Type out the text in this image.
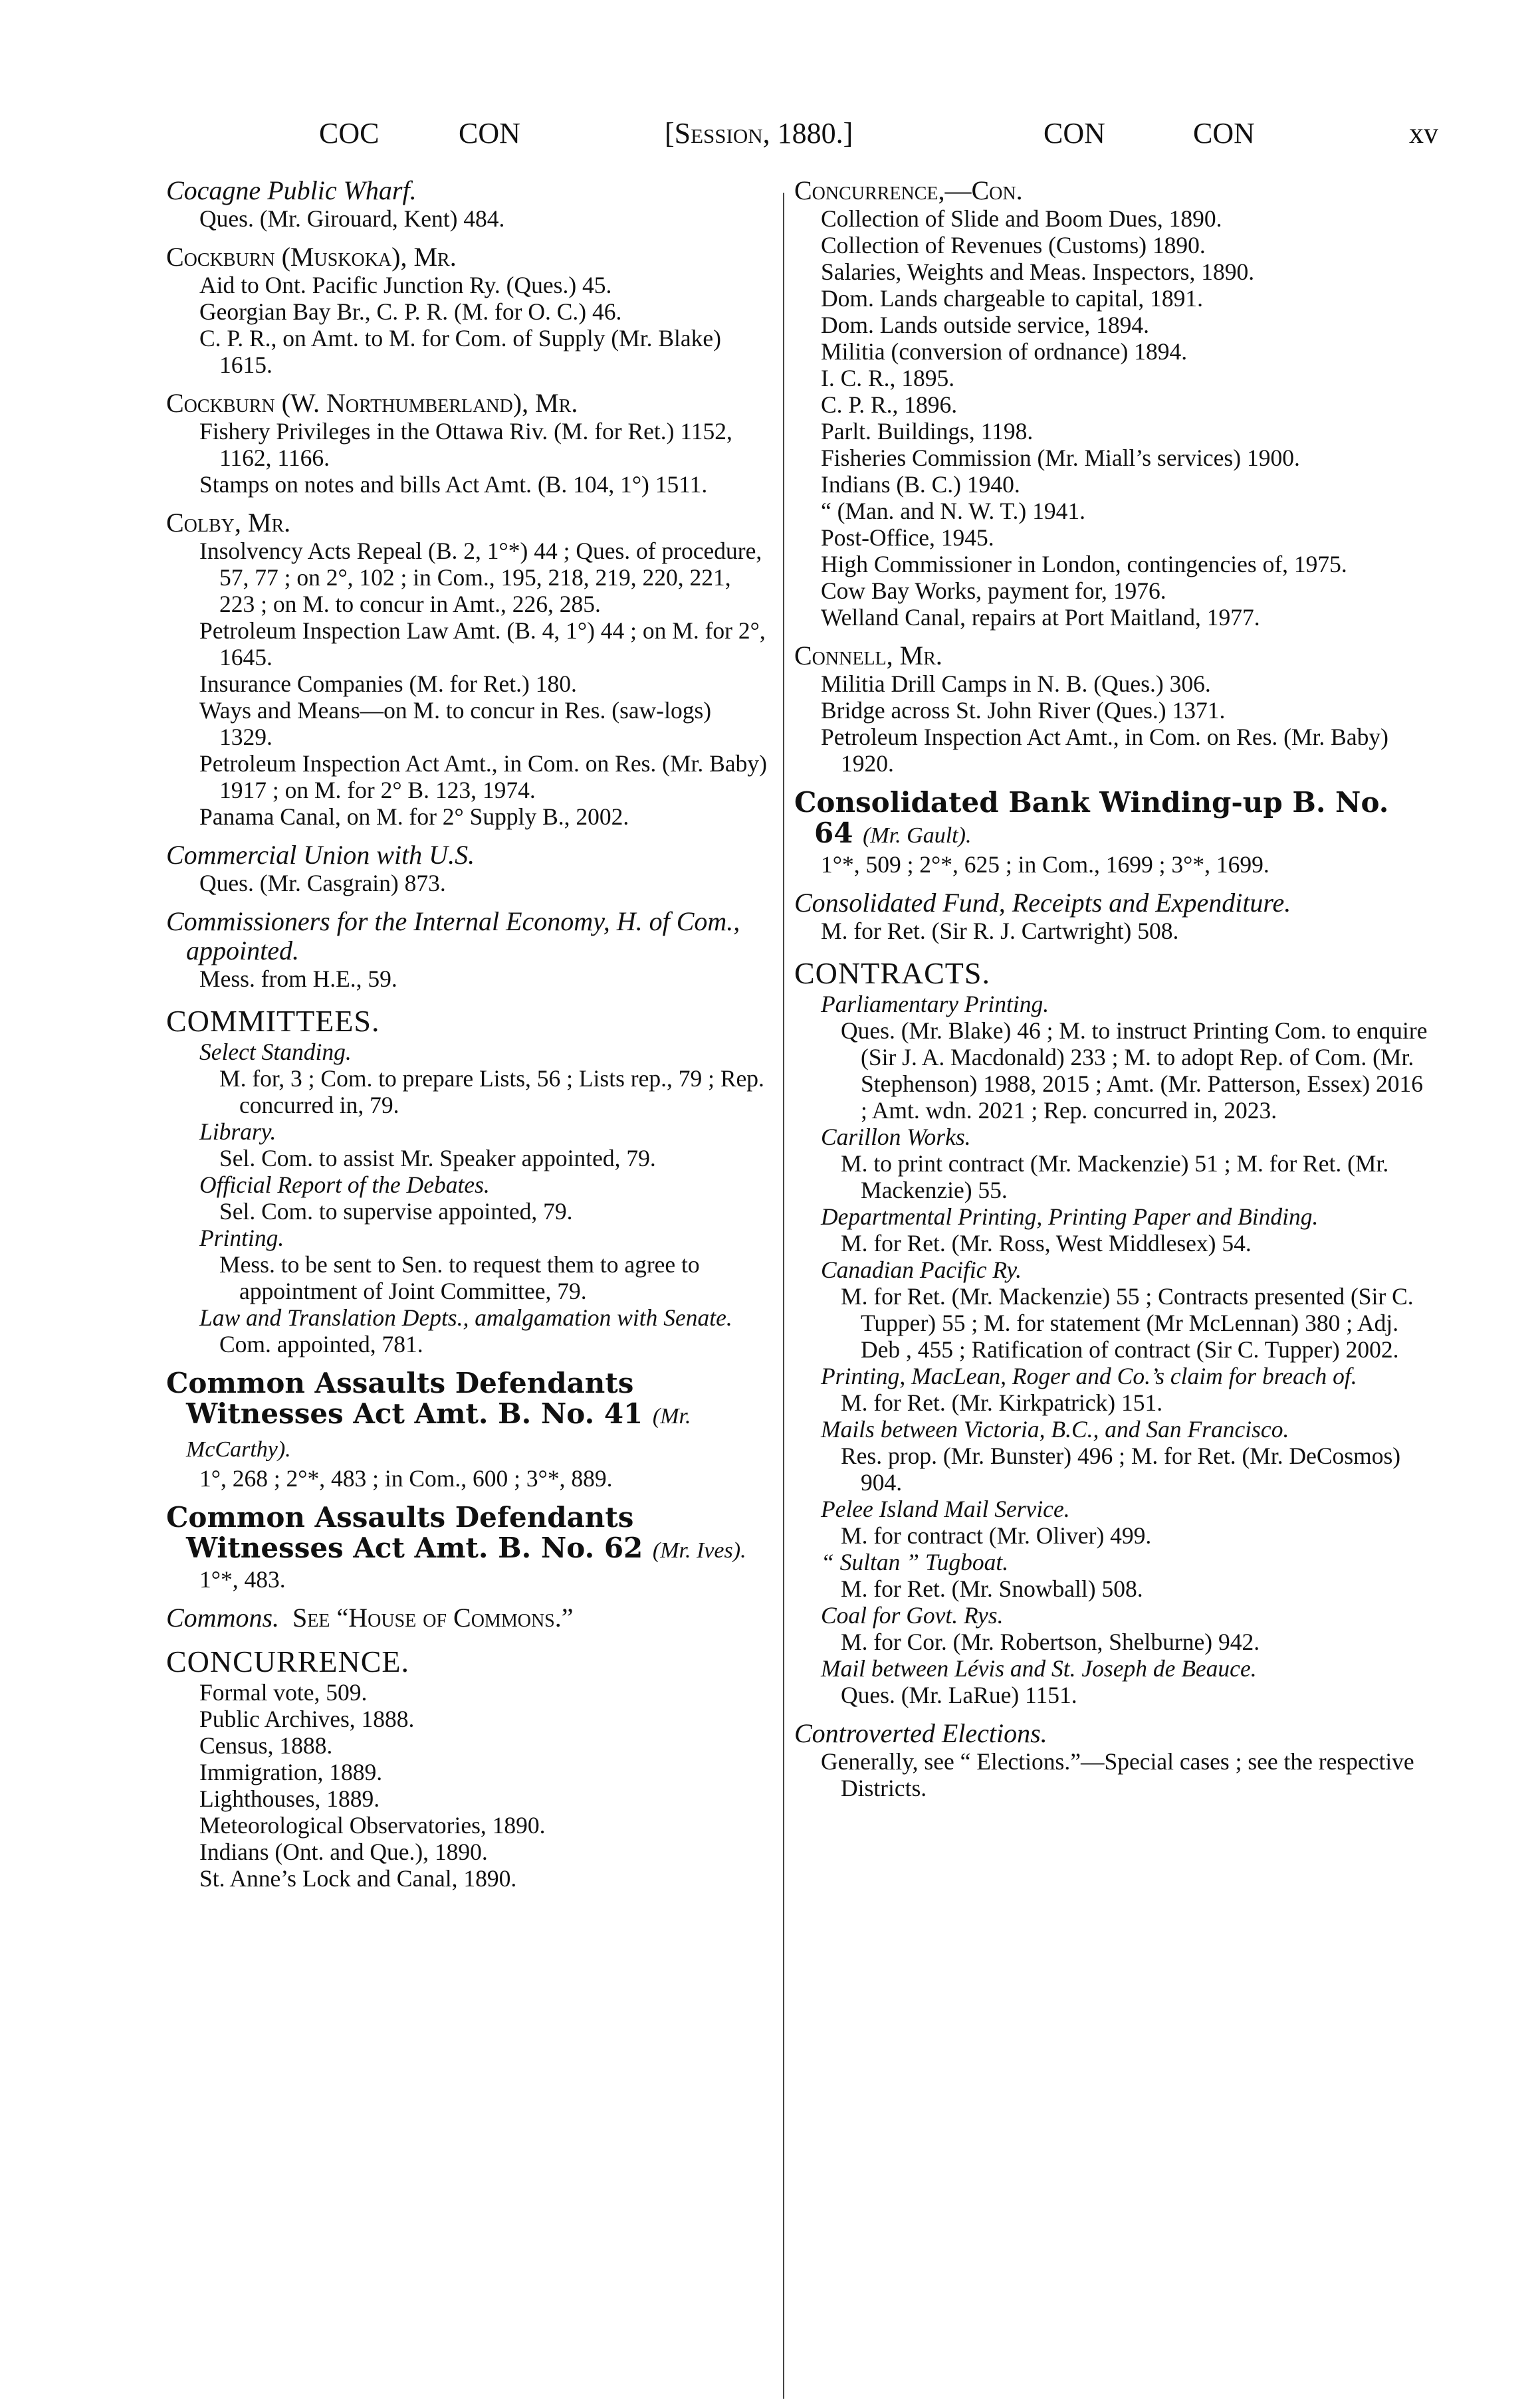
COC	CON	[Session, 1880.]	CON	CON	xv

Cocagne Public Wharf.

Ques. (Mr. Girouard, Kent) 484.

Cockburn (Muskoka), Mr.

Aid to Ont. Pacific Junction Ry. (Ques.) 45.

Georgian Bay Br., C. P. R. (M. for O. C.) 46.

C. P. R., on Amt. to M. for Com. of Supply (Mr. Blake) 1615.

Cockburn (W. Northumberland), Mr.

Fishery Privileges in the Ottawa Riv. (M. for Ret.) 1152, 1162, 1166.

Stamps on notes and bills Act Amt. (B. 104, 1°) 1511.

Colby, Mr.

Insolvency Acts Repeal (B. 2, 1°*) 44 ; Ques. of procedure, 57, 77 ; on 2°, 102 ; in Com., 195, 218, 219, 220, 221, 223 ; on M. to concur in Amt., 226, 285.

Petroleum Inspection Law Amt. (B. 4, 1°) 44 ; on M. for 2°, 1645.

Insurance Companies (M. for Ret.) 180.

Ways and Means—on M. to concur in Res. (saw-logs) 1329.

Petroleum Inspection Act Amt., in Com. on Res. (Mr. Baby) 1917 ; on M. for 2° B. 123, 1974.

Panama Canal, on M. for 2° Supply B., 2002.

Commercial Union with U.S.

Ques. (Mr. Casgrain) 873.

Commissioners for the Internal Economy, H. of Com., appointed.

Mess. from H.E., 59.

COMMITTEES.

Select Standing.

M. for, 3 ; Com. to prepare Lists, 56 ; Lists rep., 79 ; Rep. concurred in, 79.

Library.

Sel. Com. to assist Mr. Speaker appointed, 79.

Official Report of the Debates.

Sel. Com. to supervise appointed, 79.

Printing.

Mess. to be sent to Sen. to request them to agree to appointment of Joint Committee, 79.

Law and Translation Depts., amalgamation with Senate.

Com. appointed, 781.

Common Assaults Defendants Witnesses Act Amt. B. No. 41 (Mr. McCarthy).

1°, 268 ; 2°*, 483 ; in Com., 600 ; 3°*, 889.

Common Assaults Defendants Witnesses Act Amt. B. No. 62 (Mr. Ives).

1°*, 483.

Commons. See “House of Commons.”

CONCURRENCE.

Formal vote, 509.

Public Archives, 1888.

Census, 1888.

Immigration, 1889.

Lighthouses, 1889.

Meteorological Observatories, 1890.

Indians (Ont. and Que.), 1890.

St. Anne’s Lock and Canal, 1890.

Concurrence,—Con.

Collection of Slide and Boom Dues, 1890.

Collection of Revenues (Customs) 1890.

Salaries, Weights and Meas. Inspectors, 1890.

Dom. Lands chargeable to capital, 1891.

Dom. Lands outside service, 1894.

Militia (conversion of ordnance) 1894.

I. C. R., 1895.

C. P. R., 1896.

Parlt. Buildings, 1198.

Fisheries Commission (Mr. Miall’s services) 1900.

Indians (B. C.) 1940.

“ (Man. and N. W. T.) 1941.

Post-Office, 1945.

High Commissioner in London, contingencies of, 1975.

Cow Bay Works, payment for, 1976.

Welland Canal, repairs at Port Maitland, 1977.

Connell, Mr.

Militia Drill Camps in N. B. (Ques.) 306.

Bridge across St. John River (Ques.) 1371.

Petroleum Inspection Act Amt., in Com. on Res. (Mr. Baby) 1920.

Consolidated Bank Winding-up B. No. 64 (Mr. Gault).

1°*, 509 ; 2°*, 625 ; in Com., 1699 ; 3°*, 1699.

Consolidated Fund, Receipts and Expenditure.

M. for Ret. (Sir R. J. Cartwright) 508.

CONTRACTS.

Parliamentary Printing.

Ques. (Mr. Blake) 46 ; M. to instruct Printing Com. to enquire (Sir J. A. Macdonald) 233 ; M. to adopt Rep. of Com. (Mr. Stephenson) 1988, 2015 ; Amt. (Mr. Patterson, Essex) 2016 ; Amt. wdn. 2021 ; Rep. concurred in, 2023.

Carillon Works.

M. to print contract (Mr. Mackenzie) 51 ; M. for Ret. (Mr. Mackenzie) 55.

Departmental Printing, Printing Paper and Binding.

M. for Ret. (Mr. Ross, West Middlesex) 54.

Canadian Pacific Ry.

M. for Ret. (Mr. Mackenzie) 55 ; Contracts presented (Sir C. Tupper) 55 ; M. for statement (Mr McLennan) 380 ; Adj. Deb , 455 ; Ratification of contract (Sir C. Tupper) 2002.

Printing, MacLean, Roger and Co.’s claim for breach of.

M. for Ret. (Mr. Kirkpatrick) 151.

Mails between Victoria, B.C., and San Francisco.

Res. prop. (Mr. Bunster) 496 ; M. for Ret. (Mr. DeCosmos) 904.

Pelee Island Mail Service.

M. for contract (Mr. Oliver) 499.

“ Sultan ” Tugboat.

M. for Ret. (Mr. Snowball) 508.

Coal for Govt. Rys.

M. for Cor. (Mr. Robertson, Shelburne) 942.

Mail between Lévis and St. Joseph de Beauce.

Ques. (Mr. LaRue) 1151.

Controverted Elections.

Generally, see “ Elections.”—Special cases ; see the respective Districts.
